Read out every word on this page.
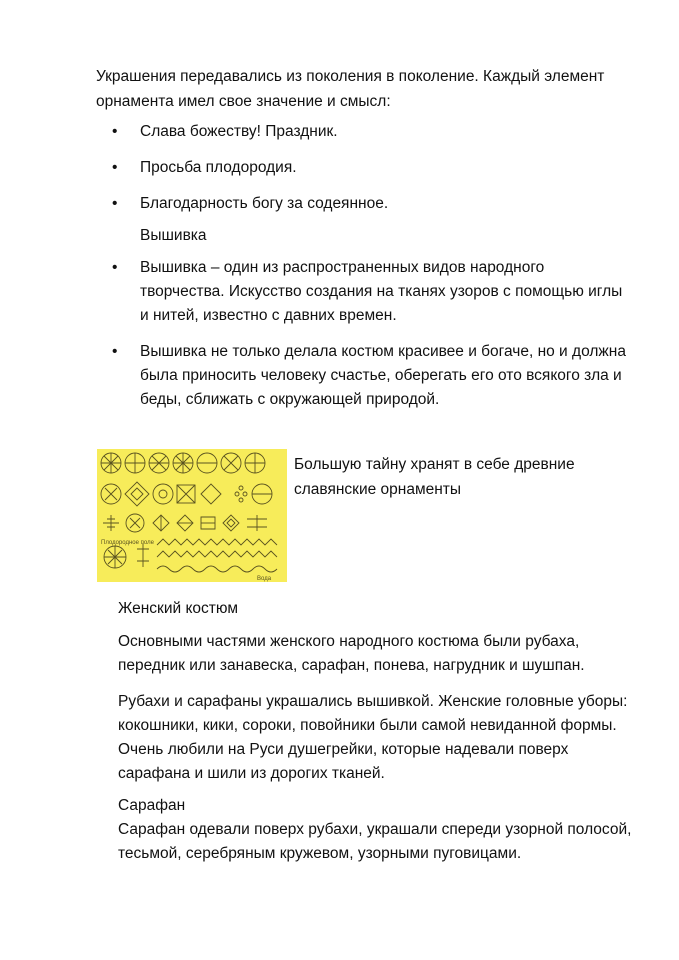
Украшения передавались из поколения в поколение. Каждый элемент орнамента имел свое значение и смысл:

• Слава божеству! Праздник.
• Просьба плодородия.
• Благодарность богу за содеянное.

Вышивка

• Вышивка – один из распространенных видов народного творчества. Искусство создания на тканях узоров с помощью иглы и нитей, известно с давних времен.
• Вышивка не только делала костюм красивее и богаче, но и должна была приносить человеку счастье, оберегать его ото всякого зла и беды, сближать с окружающей природой.
Плодородное поле
Вода

Большую тайну хранят в себе древние славянские орнаменты

Женский костюм

Основными частями женского народного костюма были рубаха, передник или занавеска, сарафан, понева, нагрудник и шушпан.

Рубахи и сарафаны украшались вышивкой. Женские головные уборы: кокошники, кики, сороки, повойники были самой невиданной формы. Очень любили на Руси душегрейки, которые надевали поверх сарафана и шили из дорогих тканей.

Сарафан

Сарафан одевали поверх рубахи, украшали спереди узорной полосой, тесьмой, серебряным кружевом, узорными пуговицами.
